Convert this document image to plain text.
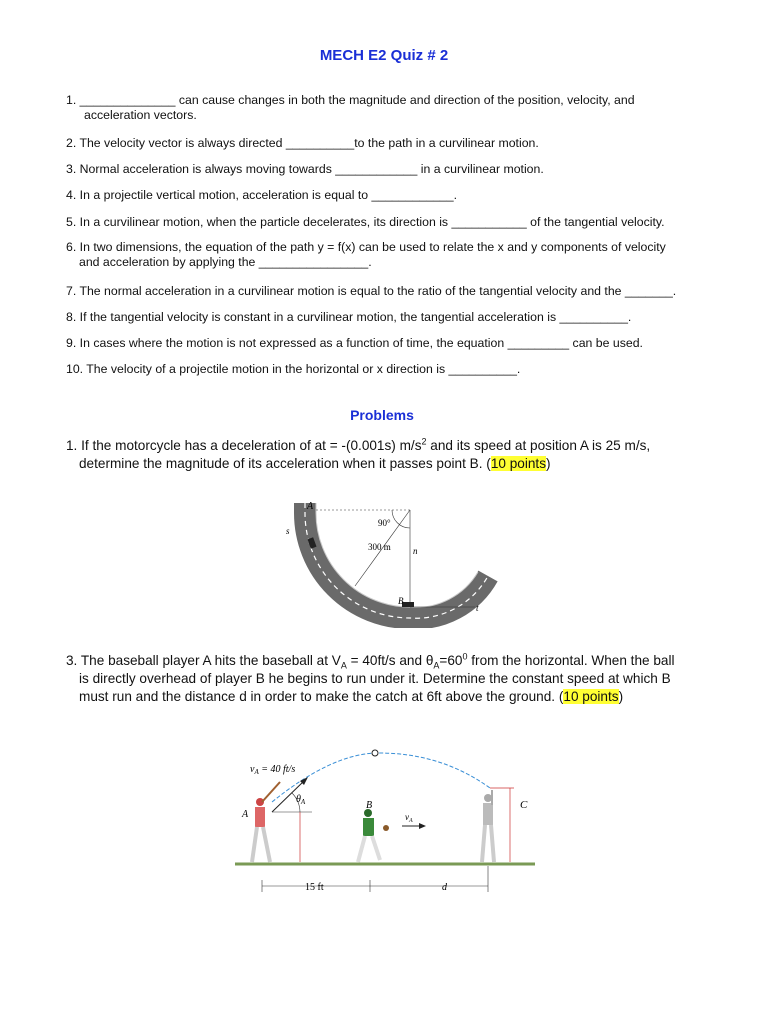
MECH E2 Quiz # 2
1. ______________ can cause changes in both the magnitude and direction of the position, velocity, and
acceleration vectors.
2. The velocity vector is always directed __________to the path in a curvilinear motion.
3. Normal acceleration is always moving towards ____________ in a curvilinear motion.
4. In a projectile vertical motion, acceleration is equal to ____________.
5. In a curvilinear motion, when the particle decelerates, its direction is ___________ of the tangential velocity.
6. In two dimensions, the equation of the path y = f(x) can be used to relate the x and y components of velocity
and acceleration by applying the ________________.
7. The normal acceleration in a curvilinear motion is equal to the ratio of the tangential velocity and the _______.
8. If the tangential velocity is constant in a curvilinear motion, the tangential acceleration is __________.
9. In cases where the motion is not expressed as a function of time, the equation _________ can be used.
10. The velocity of a projectile motion in the horizontal or x direction is __________.
Problems
1. If the motorcycle has a deceleration of at = -(0.001s) $m/s^2$ and its speed at position A is 25 m/s,
determine the magnitude of its acceleration when it passes point B. (10 points)
A
s
90°
300 m n
B
t
3. The baseball player A hits the baseball at $V_A = 40ft/s$ and $\theta_A=60^0$ from the horizontal. When the ball
is directly overhead of player B he begins to run under it. Determine the constant speed at which B
must run and the distance d in order to make the catch at 6ft above the ground. (10 points)
$v_A = 40$ ft/s
$\theta_A$
A
B
$v_A$
C
15 ft	d
